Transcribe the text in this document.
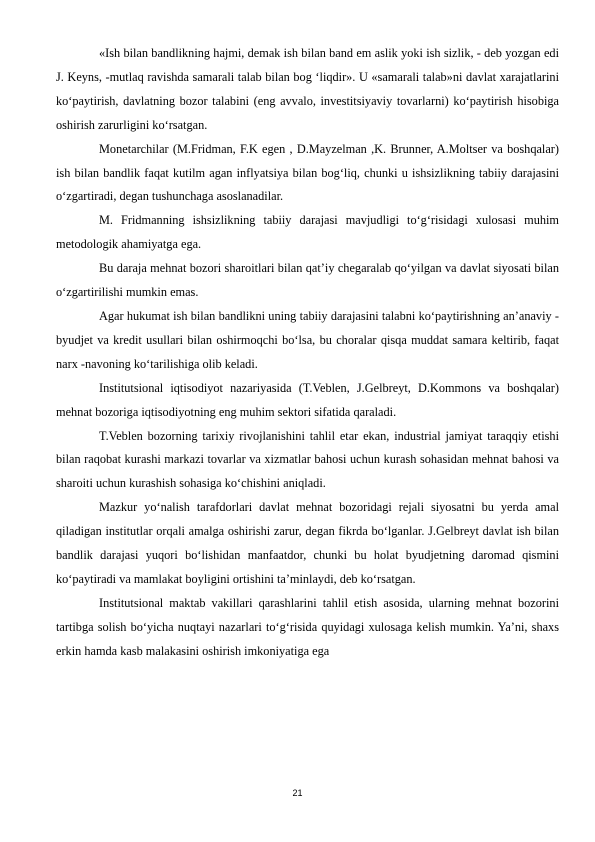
«Ish bilan bandlikning hajmi, demak ish bilan band em aslik yoki ish sizlik, - deb yozgan edi J. Keyns, -mutlaq ravishda samarali talab bilan bog ‘liqdir». U «samarali talab»ni davlat xarajatlarini ko‘paytirish, davlatning bozor talabini (eng avvalo, investitsiyaviy tovarlarni) ko‘paytirish hisobiga oshirish zarurligini ko‘rsatgan.

Monetarchilar (M.Fridman, F.K egen , D.Mayzelman ,K. Brunner, A.Moltser va boshqalar) ish bilan bandlik faqat kutilm agan inflyatsiya bilan bog‘liq, chunki u ishsizlikning tabiiy darajasini o‘zgartiradi, degan tushunchaga asoslanadilar.

M. Fridmanning ishsizlikning tabiiy darajasi mavjudligi to‘g‘risidagi xulosasi muhim metodologik ahamiyatga ega.

Bu daraja mehnat bozori sharoitlari bilan qat’iy chegaralab qo‘yilgan va davlat siyosati bilan o‘zgartirilishi mumkin emas.

Agar hukumat ish bilan bandlikni uning tabiiy darajasini talabni ko‘paytirishning an’anaviy - byudjet va kredit usullari bilan oshirmoqchi bo‘lsa, bu choralar qisqa muddat samara keltirib, faqat narx -navoning ko‘tarilishiga olib keladi.

Institutsional iqtisodiyot nazariyasida (T.Veblen, J.Gelbreyt, D.Kommons va boshqalar) mehnat bozoriga iqtisodiyotning eng muhim sektori sifatida qaraladi.

T.Veblen bozorning tarixiy rivojlanishini tahlil etar ekan, industrial jamiyat taraqqiy etishi bilan raqobat kurashi markazi tovarlar va xizmatlar bahosi uchun kurash sohasidan mehnat bahosi va sharoiti uchun kurashish sohasiga ko‘chishini aniqladi.

Mazkur yo‘nalish tarafdorlari davlat mehnat bozoridagi rejali siyosatni bu yerda amal qiladigan institutlar orqali amalga oshirishi zarur, degan fikrda bo‘lganlar. J.Gelbreyt davlat ish bilan bandlik darajasi yuqori bo‘lishidan manfaatdor, chunki bu holat byudjetning daromad qismini ko‘paytiradi va mamlakat boyligini ortishini ta’minlaydi, deb ko‘rsatgan.

Institutsional maktab vakillari qarashlarini tahlil etish asosida, ularning mehnat bozorini tartibga solish bo‘yicha nuqtayi nazarlari to‘g‘risida quyidagi xulosaga kelish mumkin. Ya’ni, shaxs erkin hamda kasb malakasini oshirish imkoniyatiga ega

21
